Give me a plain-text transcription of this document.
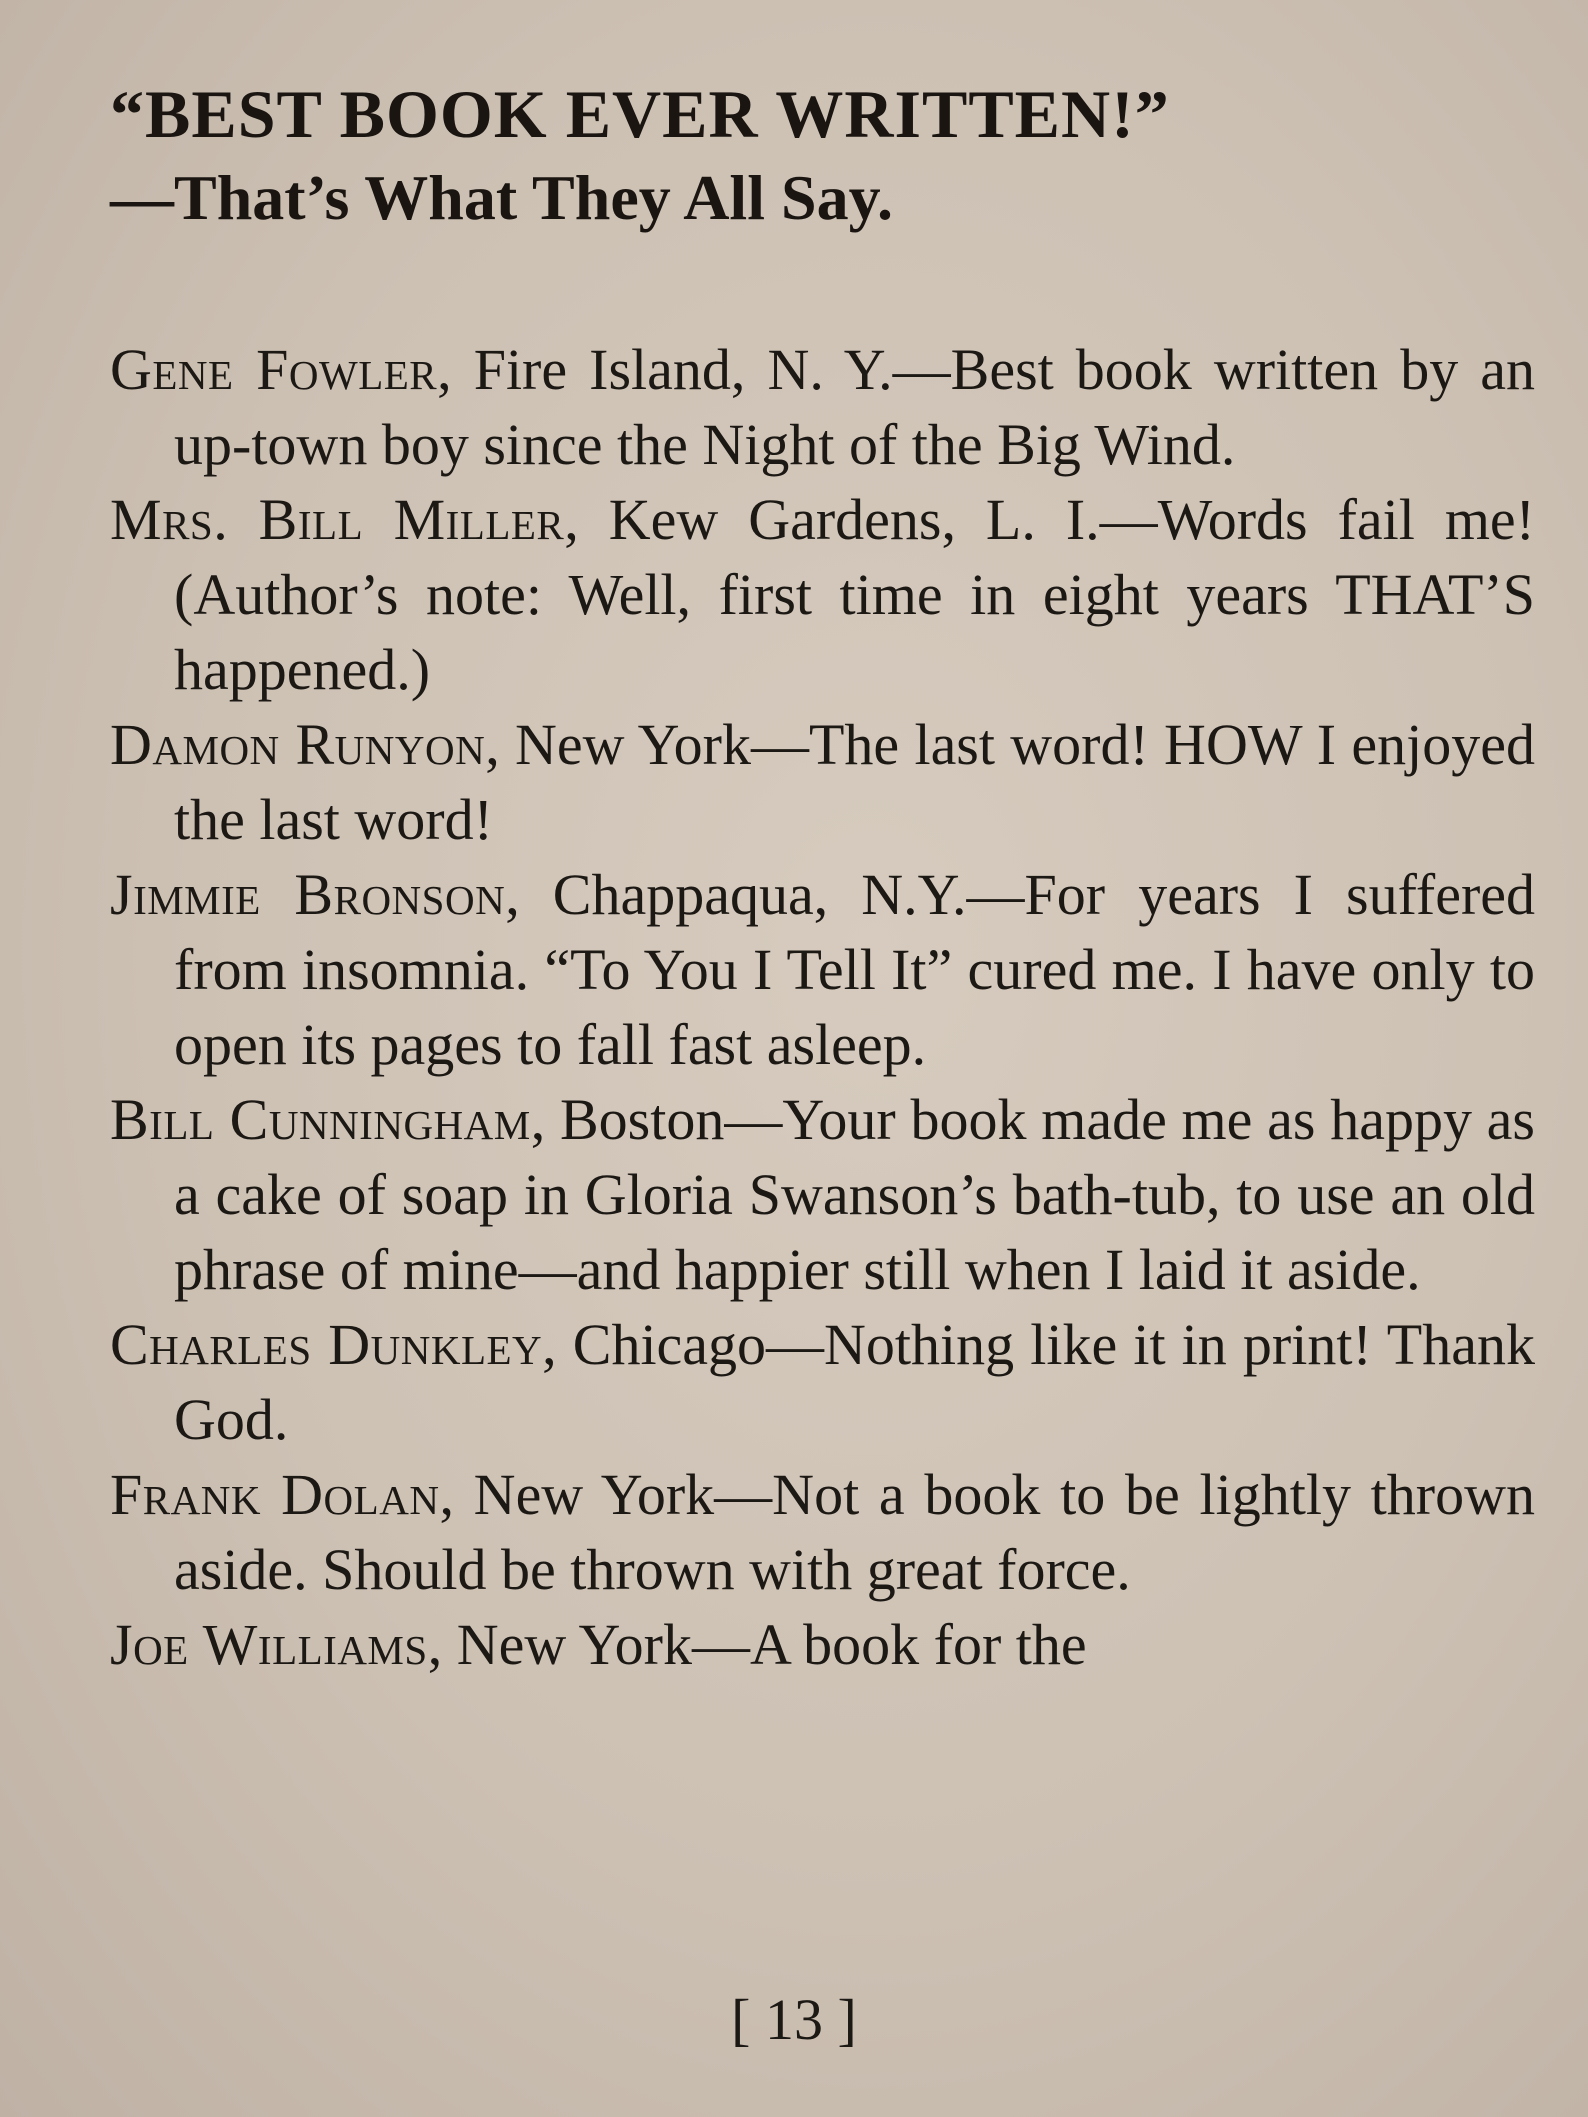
“BEST BOOK EVER WRITTEN!”

—That’s What They All Say.

Gene Fowler, Fire Island, N. Y.—Best book written by an up-town boy since the Night of the Big Wind.

Mrs. Bill Miller, Kew Gardens, L. I.—Words fail me! (Author’s note: Well, first time in eight years THAT’S happened.)

Damon Runyon, New York—The last word! HOW I enjoyed the last word!

Jimmie Bronson, Chappaqua, N.Y.—For years I suffered from insomnia. “To You I Tell It” cured me. I have only to open its pages to fall fast asleep.

Bill Cunningham, Boston—Your book made me as happy as a cake of soap in Gloria Swanson’s bath-tub, to use an old phrase of mine—and happier still when I laid it aside.

Charles Dunkley, Chicago—Nothing like it in print! Thank God.

Frank Dolan, New York—Not a book to be lightly thrown aside. Should be thrown with great force.

Joe Williams, New York—A book for the

[ 13 ]
